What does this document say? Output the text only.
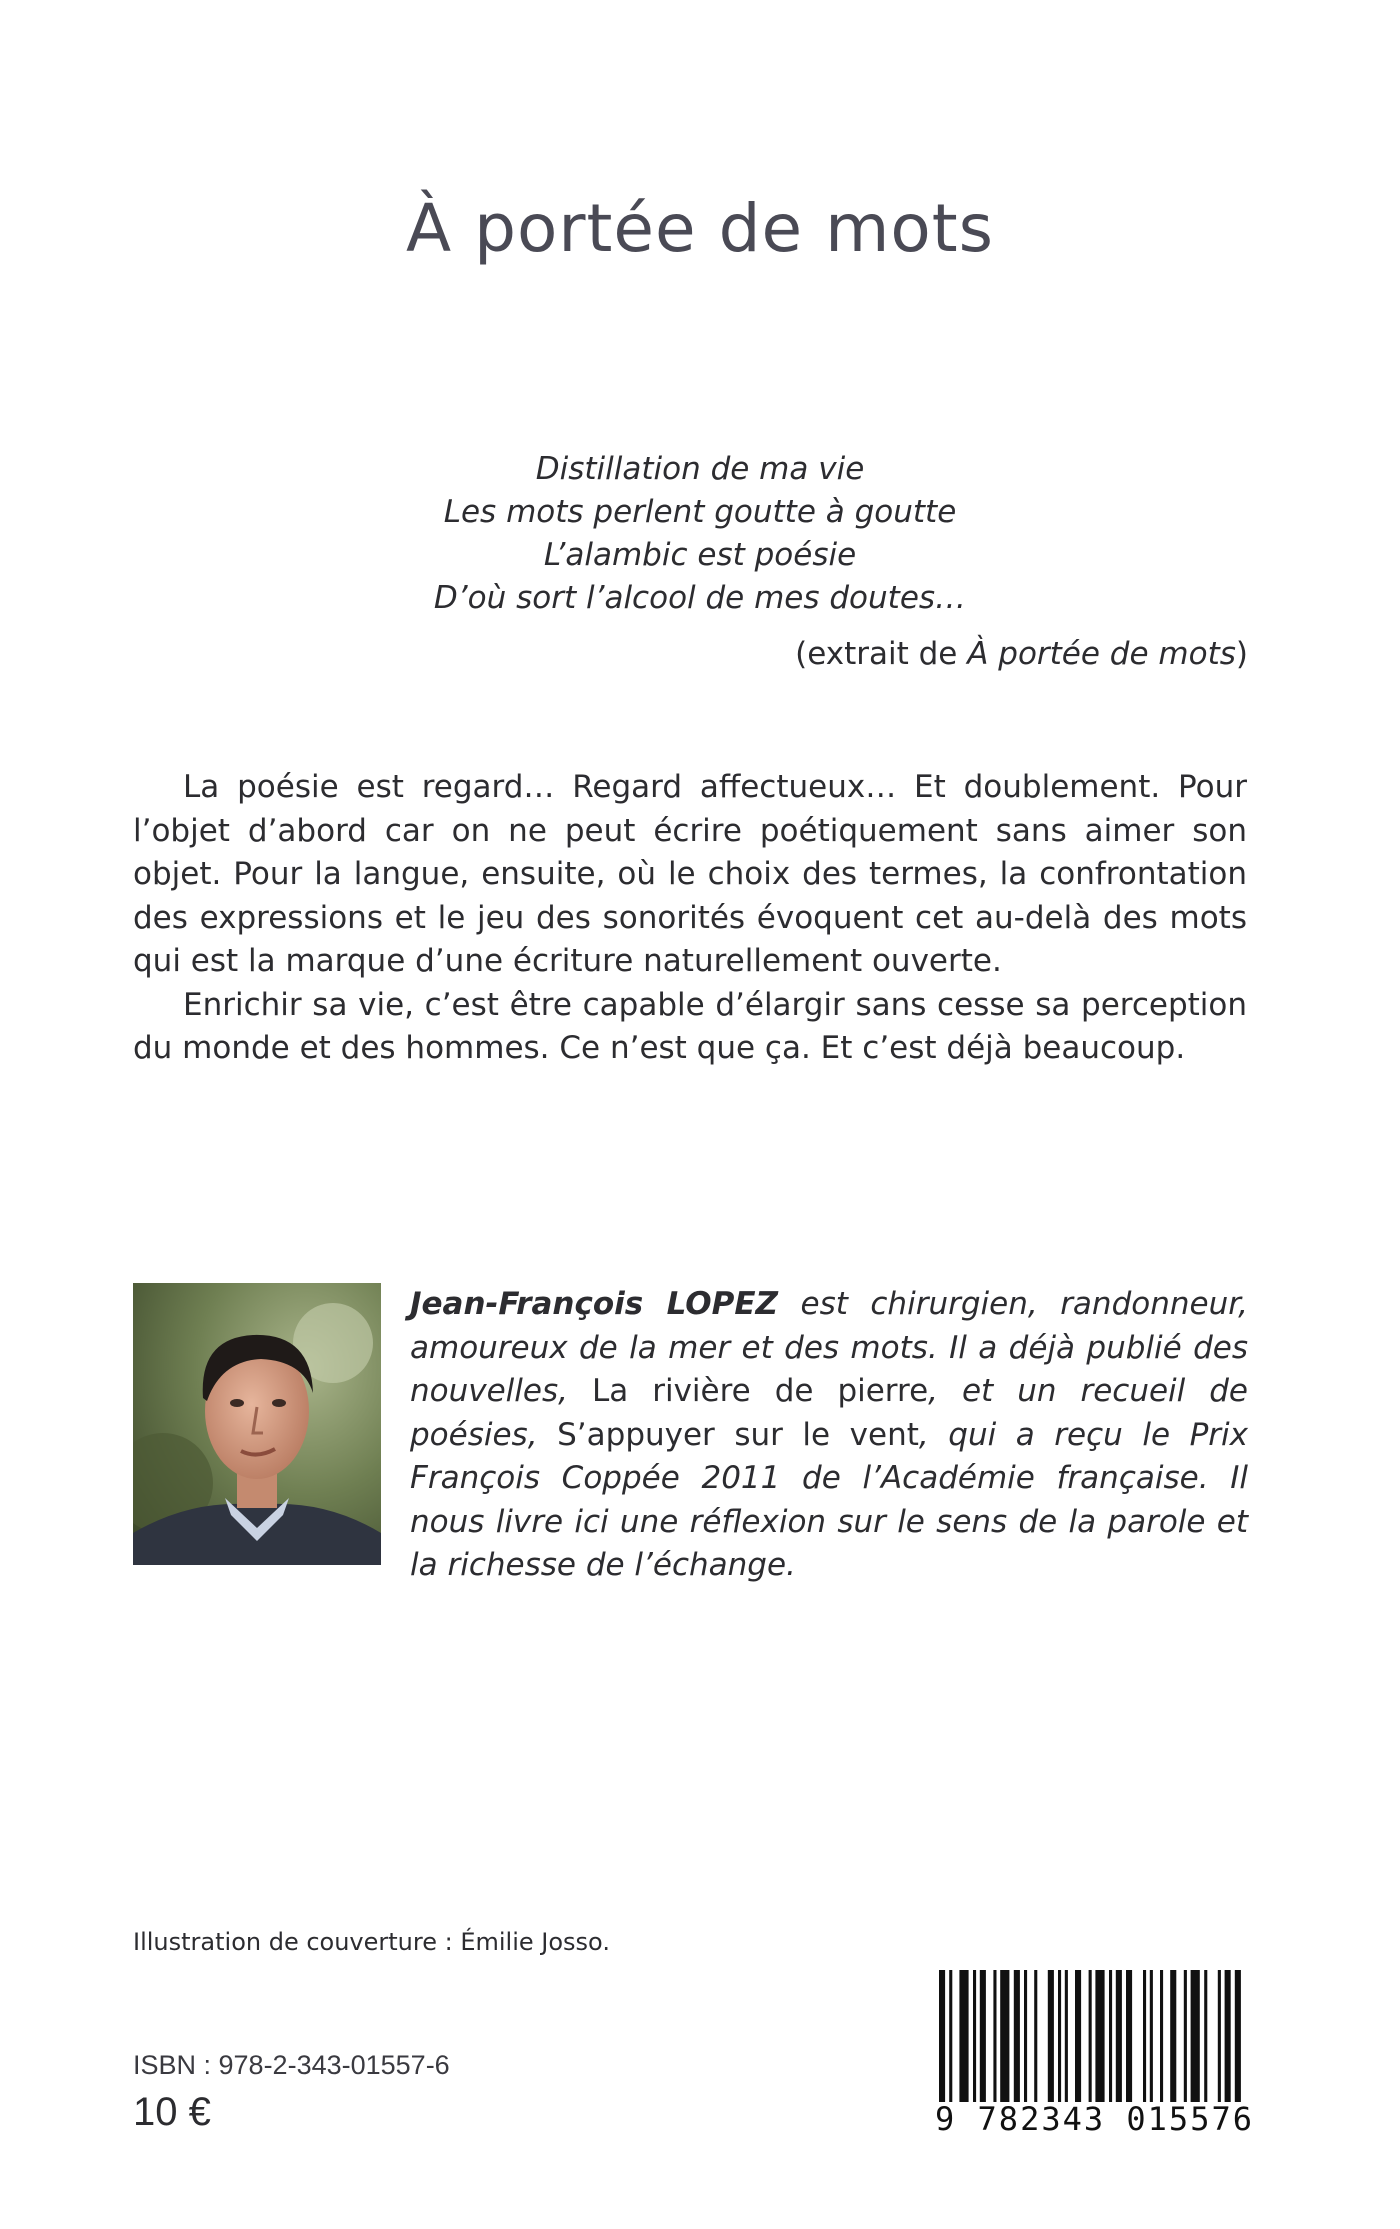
À portée de mots
Distillation de ma vie
Les mots perlent goutte à goutte
L’alambic est poésie
D’où sort l’alcool de mes doutes…
(extrait de À portée de mots)

La poésie est regard… Regard affectueux… Et doublement. Pour l’objet d’abord car on ne peut écrire poétiquement sans aimer son objet. Pour la langue, ensuite, où le choix des termes, la confrontation des expressions et le jeu des sonorités évoquent cet au-delà des mots qui est la marque d’une écriture naturellement ouverte.

Enrichir sa vie, c’est être capable d’élargir sans cesse sa perception du monde et des hommes. Ce n’est que ça. Et c’est déjà beaucoup.

Jean-François LOPEZ est chirurgien, randonneur, amoureux de la mer et des mots. Il a déjà publié des nouvelles, La rivière de pierre, et un recueil de poésies, S’appuyer sur le vent, qui a reçu le Prix François Coppée 2011 de l’Académie française. Il nous livre ici une réflexion sur le sens de la parole et la richesse de l’échange.
Illustration de couverture : Émilie Josso.
ISBN : 978-2-343-01557-6
10 €	9 782343 015576
